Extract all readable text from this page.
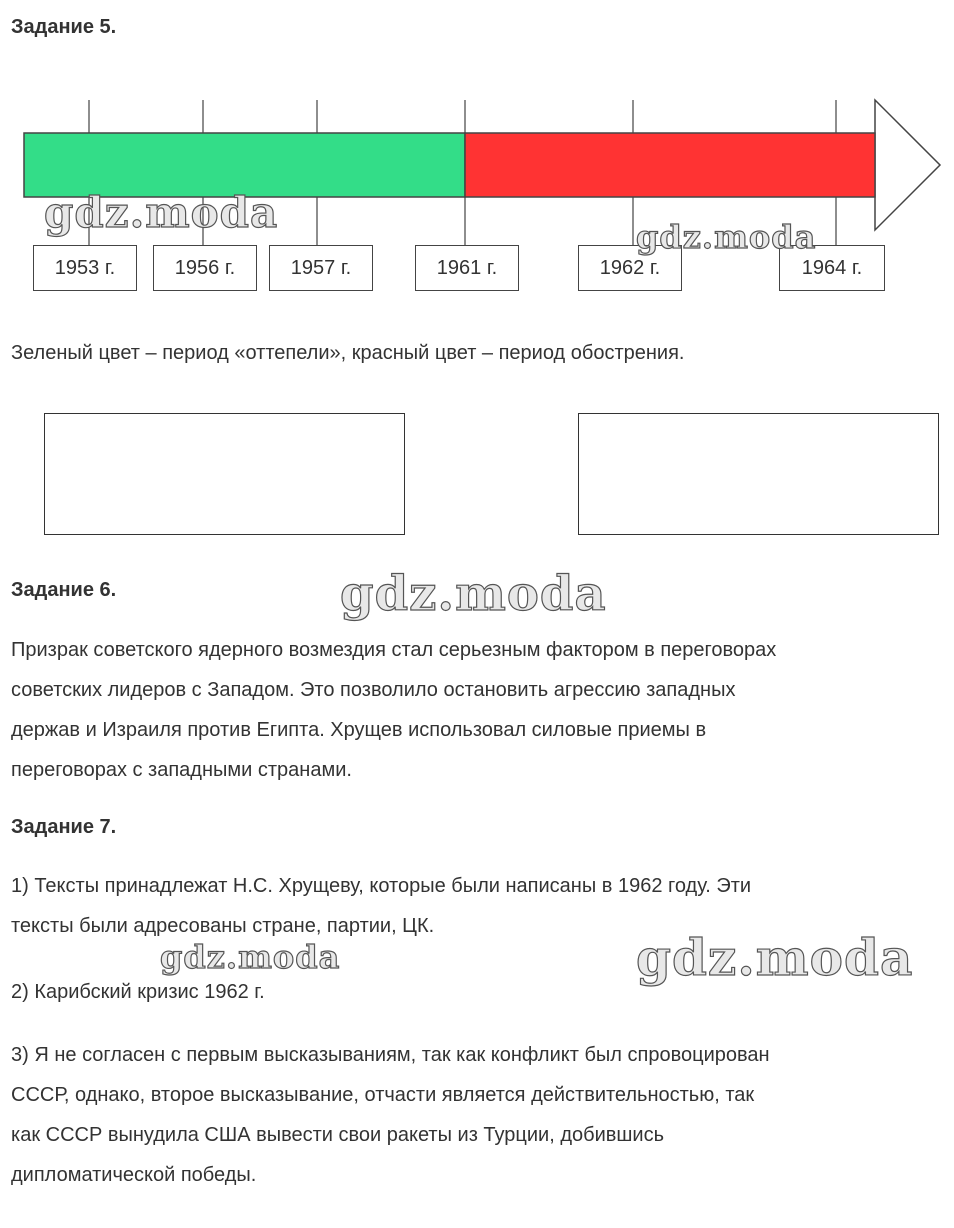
Задание 5.
1953 г.	1956 г.	1957 г.	1961 г.	1962 г.	1964 г.
gdz.moda	gdz.moda
Зеленый цвет – период «оттепели», красный цвет – период обострения.
Задание 6.	gdz.moda
Призрак советского ядерного возмездия стал серьезным фактором в переговорах
советских лидеров с Западом. Это позволило остановить агрессию западных
держав и Израиля против Египта. Хрущев использовал силовые приемы в
переговорах с западными странами.
Задание 7.
1) Тексты принадлежат Н.С. Хрущеву, которые были написаны в 1962 году. Эти
тексты были адресованы стране, партии, ЦК.
gdz.moda	gdz.moda
2) Карибский кризис 1962 г.
3) Я не согласен с первым высказываниям, так как конфликт был спровоцирован
СССР, однако, второе высказывание, отчасти является действительностью, так
как СССР вынудила США вывести свои ракеты из Турции, добившись
дипломатической победы.
